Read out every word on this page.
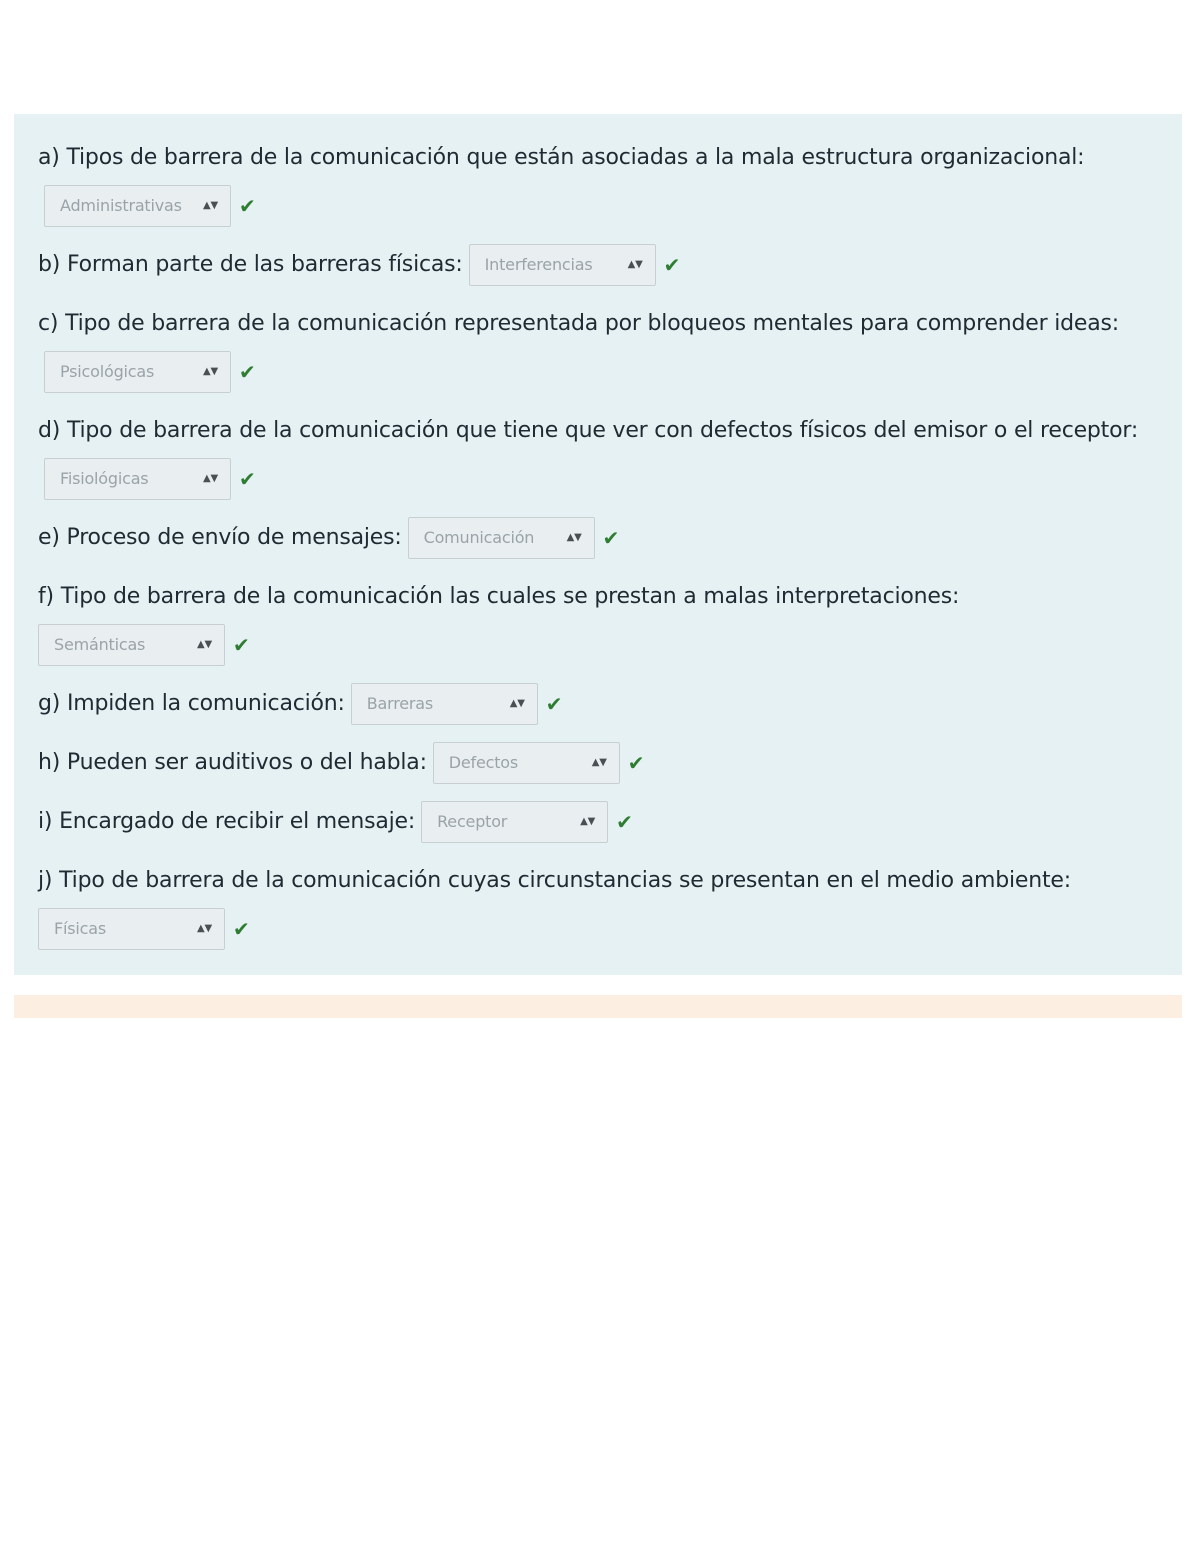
a) Tipos de barrera de la comunicación que están asociadas a la mala estructura organizacional:
Administrativas ▲▼ ✔
b) Forman parte de las barreras físicas: Interferencias	▲▼ ✔
c) Tipo de barrera de la comunicación representada por bloqueos mentales para comprender ideas:
Psicológicas	▲▼ ✔
d) Tipo de barrera de la comunicación que tiene que ver con defectos físicos del emisor o el receptor:
Fisiológicas	▲▼ ✔
e) Proceso de envío de mensajes: Comunicación	▲▼ ✔
f) Tipo de barrera de la comunicación las cuales se prestan a malas interpretaciones:

Semánticas	▲▼ ✔
g) Impiden la comunicación: Barreras	▲▼ ✔
h) Pueden ser auditivos o del habla: Defectos	▲▼ ✔
i) Encargado de recibir el mensaje: Receptor	▲▼ ✔
j) Tipo de barrera de la comunicación cuyas circunstancias se presentan en el medio ambiente:

Físicas	▲▼ ✔
